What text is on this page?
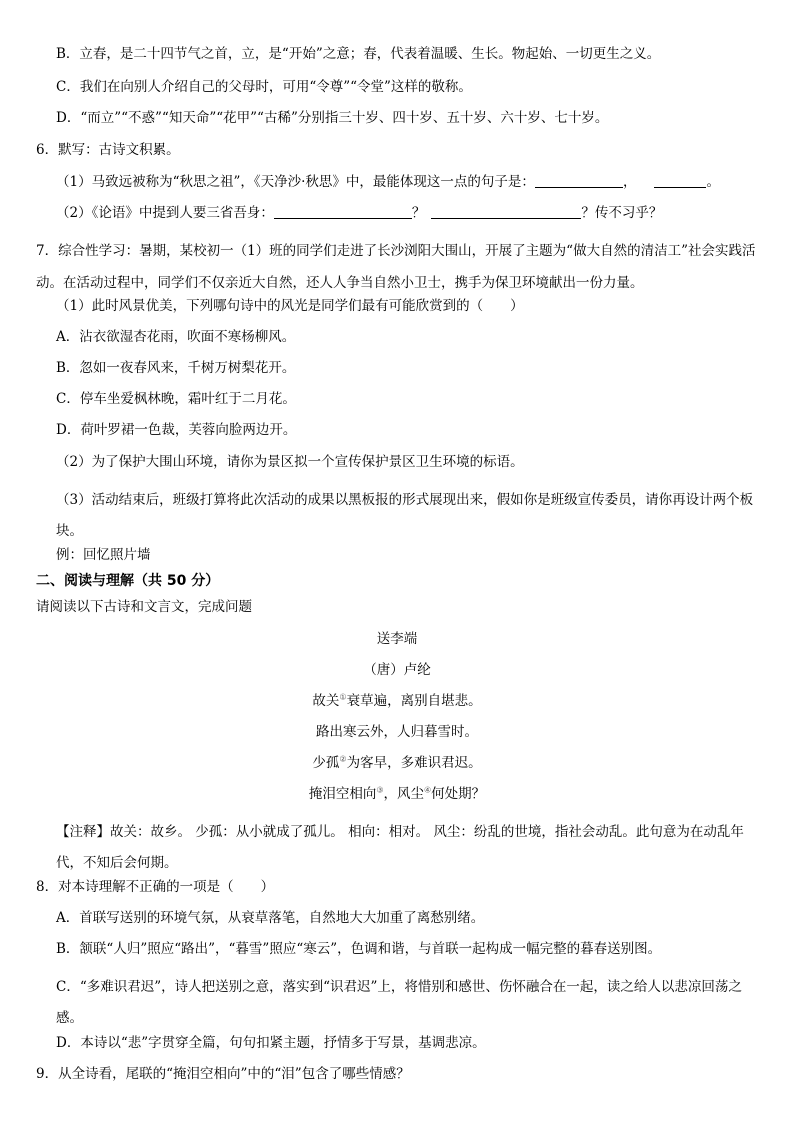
B．立春，是二十四节气之首，立，是“开始”之意；春，代表着温暖、生长。物起始、一切更生之义。
C．我们在向别人介绍自己的父母时，可用“令尊”“令堂”这样的敬称。
D．“而立”“不惑”“知天命”“花甲”“古稀”分别指三十岁、四十岁、五十岁、六十岁、七十岁。
6．默写：古诗文积累。
（1）马致远被称为“秋思之祖”，《天净沙·秋思》中，最能体现这一点的句子是：	，	。
（2）《论语》中提到人要三省吾身：	？	？传不习乎？
7．综合性学习：暑期，某校初一（1）班的同学们走进了长沙浏阳大围山，开展了主题为“做大自然的清洁工”社会实践活动。在活动过程中，同学们不仅亲近大自然，还人人争当自然小卫士，携手为保卫环境献出一份力量。
（1）此时风景优美，下列哪句诗中的风光是同学们最有可能欣赏到的（　　）
A．沾衣欲湿杏花雨，吹面不寒杨柳风。
B．忽如一夜春风来，千树万树梨花开。
C．停车坐爱枫林晚，霜叶红于二月花。
D．荷叶罗裙一色裁，芙蓉向脸两边开。
（2）为了保护大围山环境，请你为景区拟一个宣传保护景区卫生环境的标语。
（3）活动结束后，班级打算将此次活动的成果以黑板报的形式展现出来，假如你是班级宣传委员，请你再设计两个板块。
例：回忆照片墙
二、阅读与理解（共 50 分）
请阅读以下古诗和文言文，完成问题
送李端
（唐）卢纶
故关①衰草遍，离别自堪悲。
路出寒云外，人归暮雪时。
少孤②为客早，多难识君迟。
掩泪空相向③，风尘④何处期？
【注释】故关：故乡。 少孤：从小就成了孤儿。 相向：相对。 风尘：纷乱的世境，指社会动乱。此句意为在动乱年代，不知后会何期。
8．对本诗理解不正确的一项是（　　）
A．首联写送别的环境气氛，从衰草落笔，自然地大大加重了离愁别绪。
B．颔联“人归”照应“路出”，“暮雪”照应“寒云”，色调和谐，与首联一起构成一幅完整的暮春送别图。
C．“多难识君迟”，诗人把送别之意，落实到“识君迟”上，将惜别和感世、伤怀融合在一起，读之给人以悲凉回荡之感。
D．本诗以“悲”字贯穿全篇，句句扣紧主题，抒情多于写景，基调悲凉。
9．从全诗看，尾联的“掩泪空相向”中的“泪”包含了哪些情感？
